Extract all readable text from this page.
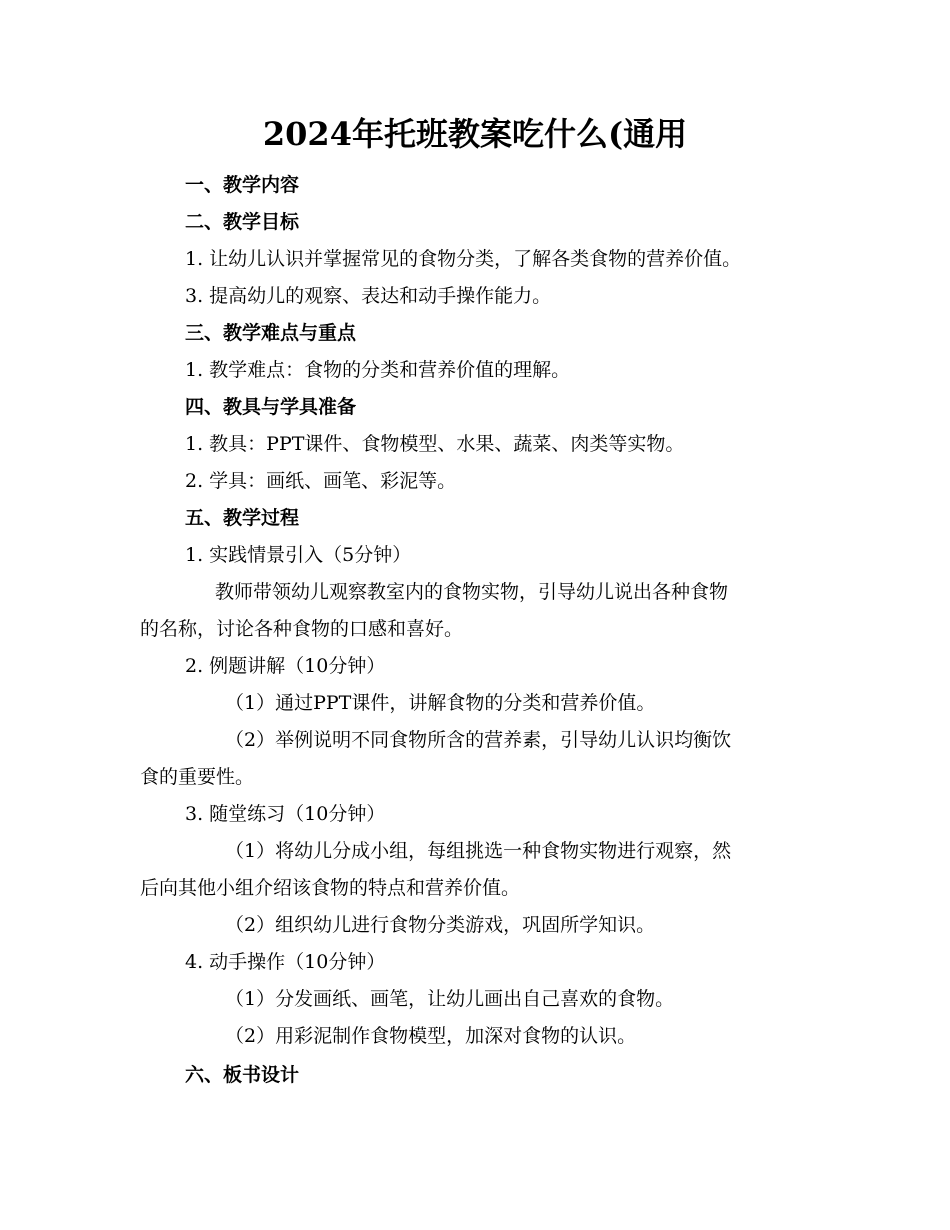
2024年托班教案吃什么(通用
一、教学内容
二、教学目标
1. 让幼儿认识并掌握常见的食物分类，了解各类食物的营养价值。
3. 提高幼儿的观察、表达和动手操作能力。
三、教学难点与重点
1. 教学难点：食物的分类和营养价值的理解。
四、教具与学具准备
1. 教具：PPT课件、食物模型、水果、蔬菜、肉类等实物。
2. 学具：画纸、画笔、彩泥等。
五、教学过程
1. 实践情景引入（5分钟）
教师带领幼儿观察教室内的食物实物，引导幼儿说出各种食物
的名称，讨论各种食物的口感和喜好。
2. 例题讲解（10分钟）
（1）通过PPT课件，讲解食物的分类和营养价值。
（2）举例说明不同食物所含的营养素，引导幼儿认识均衡饮
食的重要性。
3. 随堂练习（10分钟）
（1）将幼儿分成小组，每组挑选一种食物实物进行观察，然
后向其他小组介绍该食物的特点和营养价值。
（2）组织幼儿进行食物分类游戏，巩固所学知识。
4. 动手操作（10分钟）
（1）分发画纸、画笔，让幼儿画出自己喜欢的食物。
（2）用彩泥制作食物模型，加深对食物的认识。
六、板书设计
